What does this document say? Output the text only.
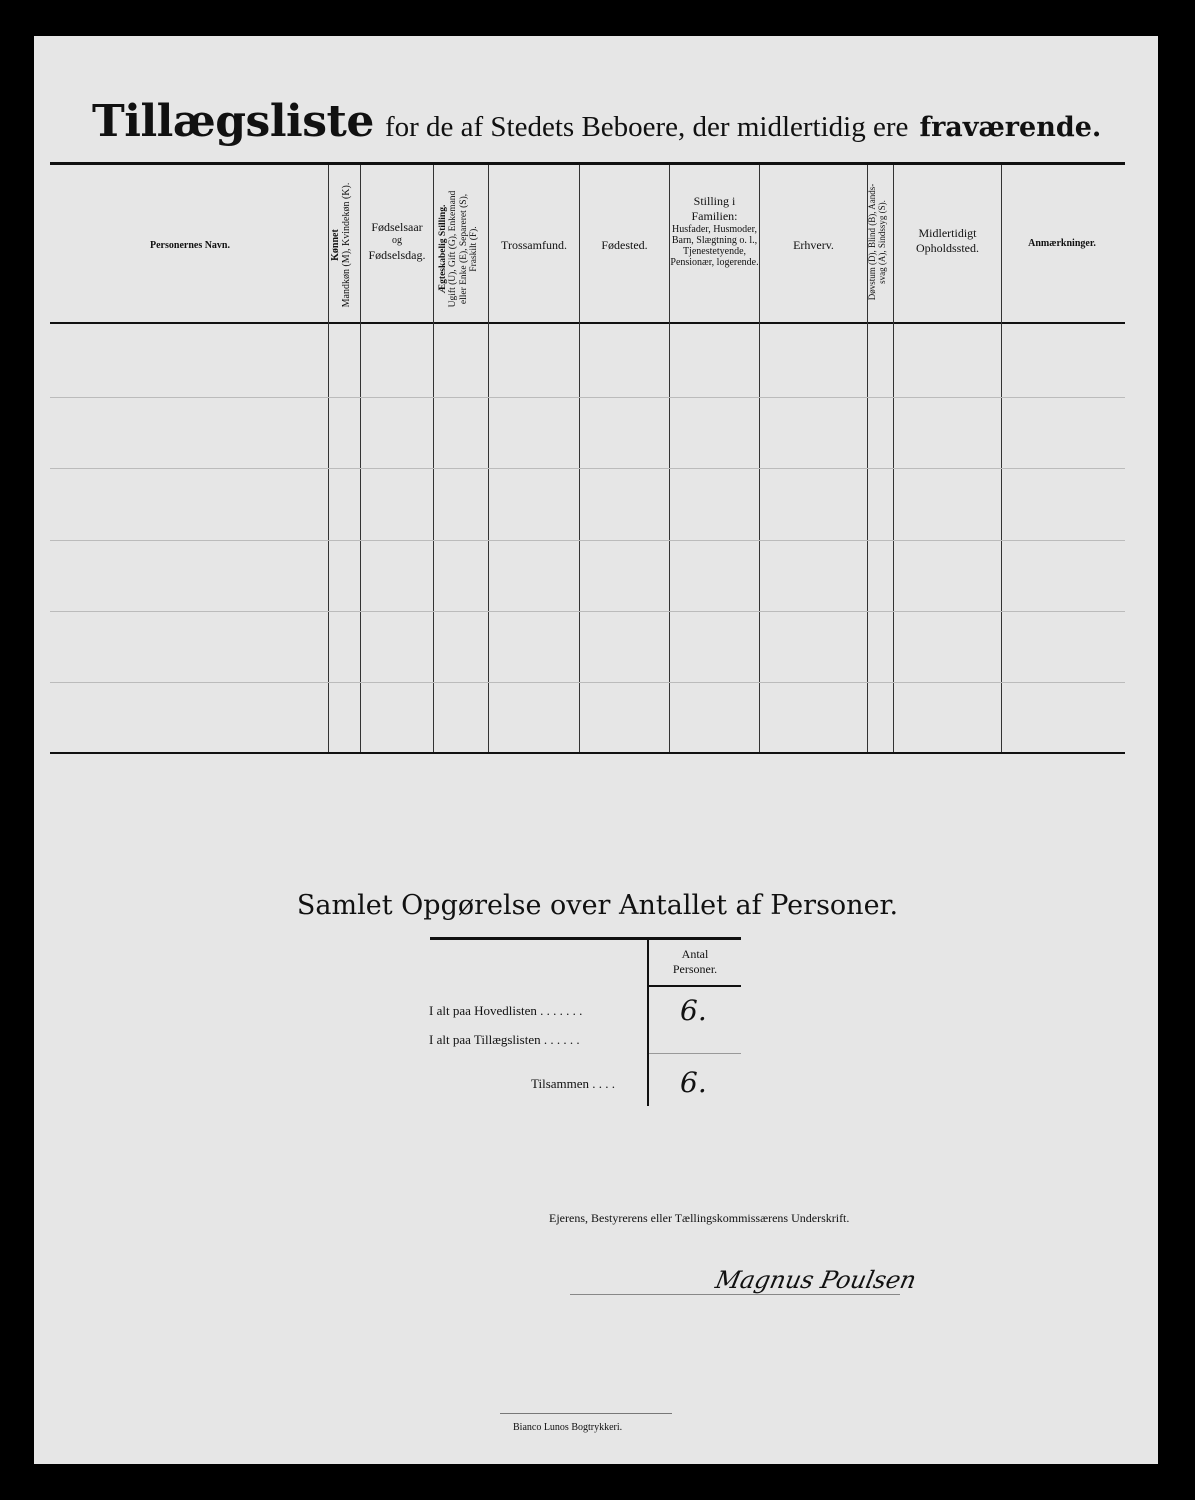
Tillægsliste for de af Stedets Beboere, der midlertidig ere fraværende.
Personernes Navn.	Kønnet Mandkøn (M), Kvindekøn (K).	Fødselsaar
og
Fødselsdag.	Ægteskabelig Stilling. Ugift (U), Gift (G), Enkemand eller Enke (E), Separeret (S), Fraskilt (F).	Trossamfund.	Fødested.
Stilling i
Familien:
Husfader, Husmoder, Barn, Slægtning o. l., Tjenestetyende, Pensionær, logerende.
Erhverv.	Døvstum (D), Blind (B), Aands- svag (A), Sindssyg (S).	Midlertidigt
Opholdssted.	Anmærkninger.
Samlet Opgørelse over Antallet af Personer.
Antal
Personer.
I alt paa Hovedlisten . . . . . . .	6.
I alt paa Tillægslisten . . . . . .
Tilsammen . . . . 6.
Ejerens, Bestyrerens eller Tællingskommissærens Underskrift.
Magnus Poulsen
Bianco Lunos Bogtrykkeri.
